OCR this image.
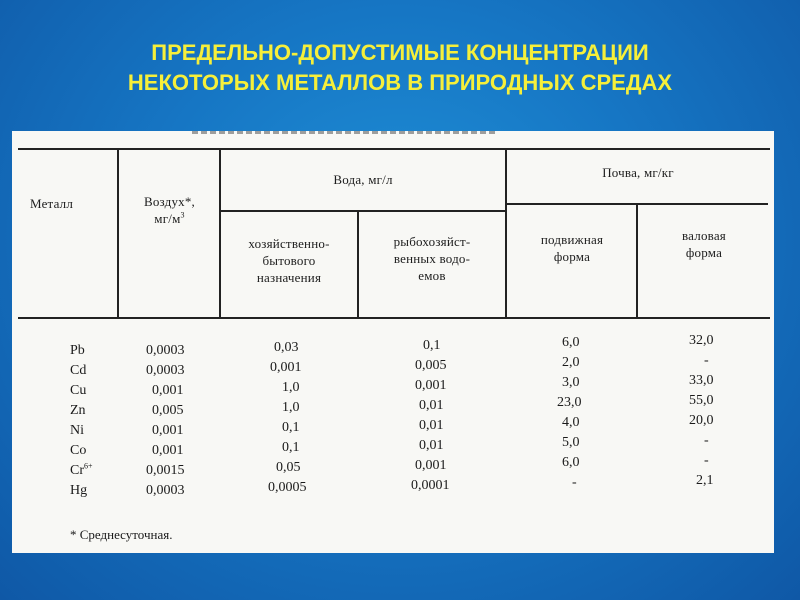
ПРЕДЕЛЬНО-ДОПУСТИМЫЕ КОНЦЕНТРАЦИИ
НЕКОТОРЫХ МЕТАЛЛОВ В ПРИРОДНЫХ СРЕДАХ
Металл	Воздух*,
$мг/м^3$
Вода, мг/л	Почва, мг/кг
хозяйственно-
бытового
назначения
рыбохозяйст-
венных водо-
емов
подвижная
форма
валовая
форма
Pb	0,0003	0,03	0,1	6,0	32,0
Cd	0,0003	0,001	0,005	2,0	-
Cu	0,001	1,0	0,001	3,0	33,0
Zn	0,005	1,0	0,01	23,0	55,0
Ni	0,001	0,1	0,01	4,0	20,0
Co	0,001	0,1	0,01	5,0	-
$Cr^{6+}$	0,0015	0,05	0,001	6,0	-
Hg	0,0003	0,0005	0,0001	-	2,1
* Среднесуточная.
